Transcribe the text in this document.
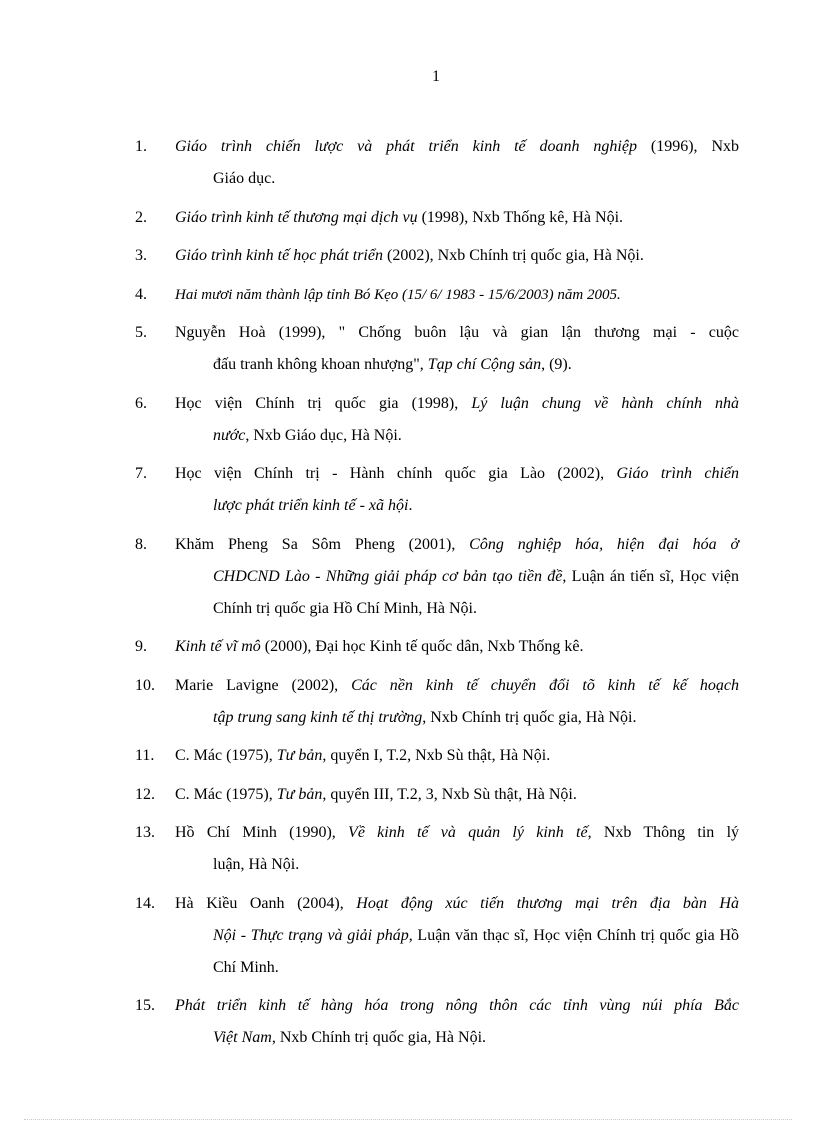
1
1. Giáo trình chiến lược và phát triển kinh tế doanh nghiệp (1996), Nxb
Giáo dục.
2. Giáo trình kinh tế thương mại dịch vụ (1998), Nxb Thống kê, Hà Nội.
3. Giáo trình kinh tế học phát triển (2002), Nxb Chính trị quốc gia, Hà Nội.
4. Hai mươi năm thành lập tỉnh Bó Kẹo (15/ 6/ 1983 - 15/6/2003) năm 2005.
5. Nguyễn Hoà (1999), " Chống buôn lậu và gian lận thương mại - cuộc
đấu tranh không khoan nhượng", Tạp chí Cộng sản, (9).
6. Học viện Chính trị quốc gia (1998), Lý luận chung về hành chính nhà
nước, Nxb Giáo dục, Hà Nội.
7. Học viện Chính trị - Hành chính quốc gia Lào (2002), Giáo trình chiến
lược phát triển kinh tế - xã hội.
8. Khăm Pheng Sa Sôm Pheng (2001), Công nghiệp hóa, hiện đại hóa ở
CHDCND Lào - Những giải pháp cơ bản tạo tiền đề, Luận án tiến sĩ, Học viện Chính trị quốc gia Hồ Chí Minh, Hà Nội.
9. Kinh tế vĩ mô (2000), Đại học Kinh tế quốc dân, Nxb Thống kê.
10. Marie Lavigne (2002), Các nền kinh tế chuyển đổi tõ kinh tế kế hoạch
tập trung sang kinh tế thị trường, Nxb Chính trị quốc gia, Hà Nội.
11. C. Mác (1975), Tư bản, quyển I, T.2, Nxb Sù thật, Hà Nội.
12. C. Mác (1975), Tư bản, quyển III, T.2, 3, Nxb Sù thật, Hà Nội.
13. Hồ Chí Minh (1990), Về kinh tế và quản lý kinh tế, Nxb Thông tin lý
luận, Hà Nội.
14. Hà Kiều Oanh (2004), Hoạt động xúc tiến thương mại trên địa bàn Hà
Nội - Thực trạng và giải pháp, Luận văn thạc sĩ, Học viện Chính trị quốc gia Hồ Chí Minh.
15. Phát triển kinh tế hàng hóa trong nông thôn các tỉnh vùng núi phía Bắc
Việt Nam, Nxb Chính trị quốc gia, Hà Nội.
